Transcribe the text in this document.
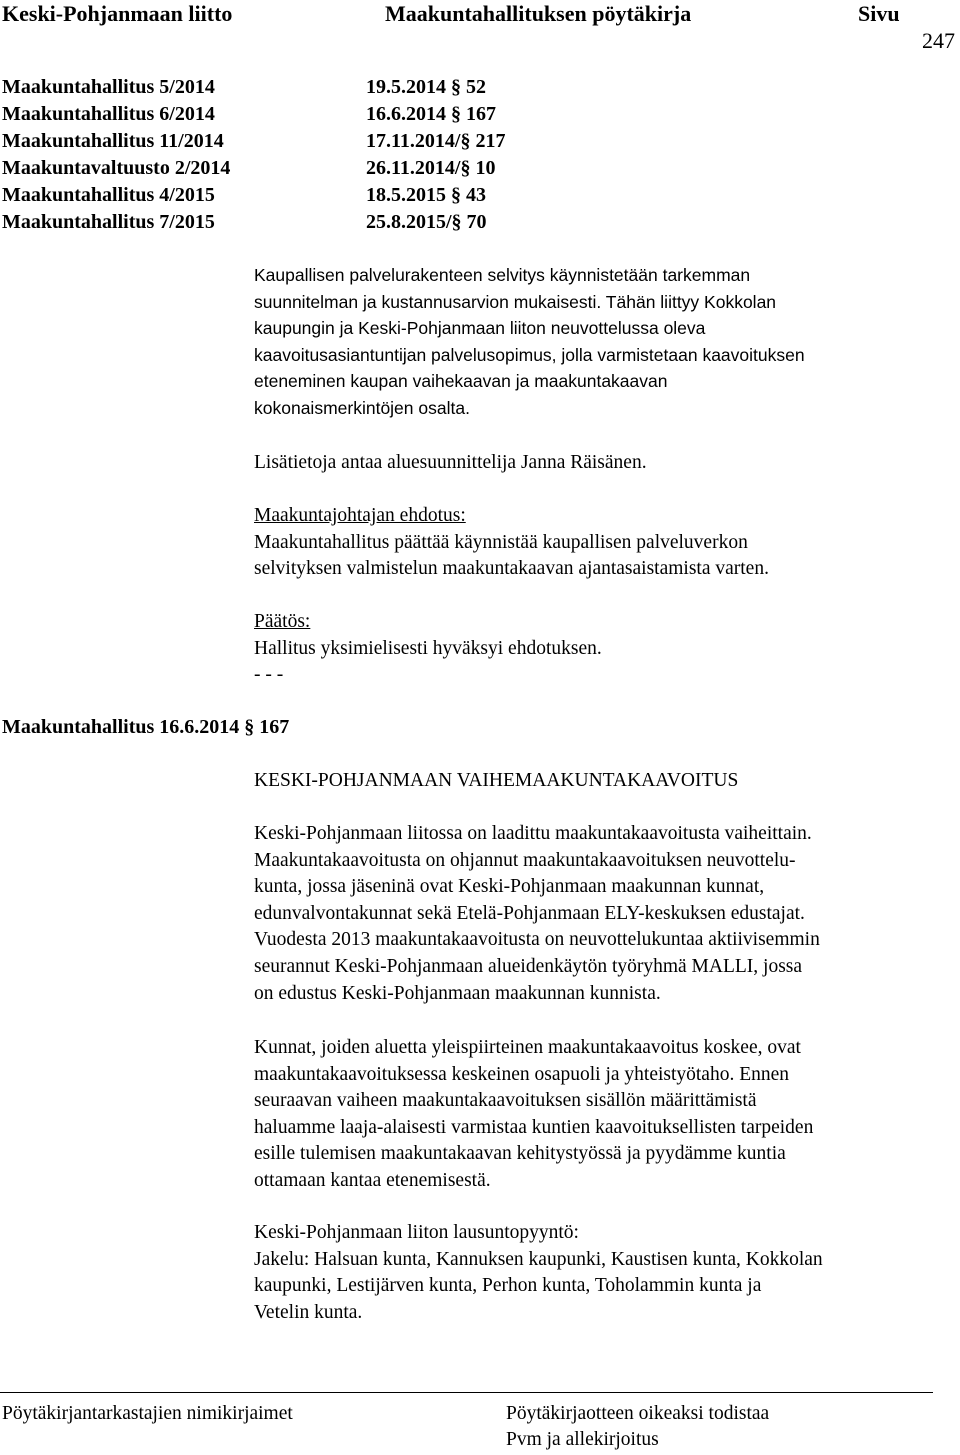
Keski-Pohjanmaan liitto	Maakuntahallituksen pöytäkirja	Sivu
247
Maakuntahallitus 5/2014	19.5.2014 § 52
Maakuntahallitus 6/2014	16.6.2014 § 167
Maakuntahallitus 11/2014	17.11.2014/§ 217
Maakuntavaltuusto 2/2014	26.11.2014/§ 10
Maakuntahallitus 4/2015	18.5.2015 § 43
Maakuntahallitus 7/2015	25.8.2015/§ 70
Kaupallisen palvelurakenteen selvitys käynnistetään tarkemman
suunnitelman ja kustannusarvion mukaisesti. Tähän liittyy Kokkolan
kaupungin ja Keski-Pohjanmaan liiton neuvottelussa oleva
kaavoitusasiantuntijan palvelusopimus, jolla varmistetaan kaavoituksen
eteneminen kaupan vaihekaavan ja maakuntakaavan
kokonaismerkintöjen osalta.
Lisätietoja antaa aluesuunnittelija Janna Räisänen.
Maakuntajohtajan ehdotus:
Maakuntahallitus päättää käynnistää kaupallisen palveluverkon
selvityksen valmistelun maakuntakaavan ajantasaistamista varten.
Päätös:
Hallitus yksimielisesti hyväksyi ehdotuksen.
- - -
Maakuntahallitus 16.6.2014 § 167
KESKI-POHJANMAAN VAIHEMAAKUNTAKAAVOITUS
Keski-Pohjanmaan liitossa on laadittu maakuntakaavoitusta vaiheittain.
Maakuntakaavoitusta on ohjannut maakuntakaavoituksen neuvottelu-
kunta, jossa jäseninä ovat Keski-Pohjanmaan maakunnan kunnat,
edunvalvontakunnat sekä Etelä-Pohjanmaan ELY-keskuksen edustajat.
Vuodesta 2013 maakuntakaavoitusta on neuvottelukuntaa aktiivisemmin
seurannut Keski-Pohjanmaan alueidenkäytön työryhmä MALLI, jossa
on edustus Keski-Pohjanmaan maakunnan kunnista.
Kunnat, joiden aluetta yleispiirteinen maakuntakaavoitus koskee, ovat
maakuntakaavoituksessa keskeinen osapuoli ja yhteistyötaho. Ennen
seuraavan vaiheen maakuntakaavoituksen sisällön määrittämistä
haluamme laaja-alaisesti varmistaa kuntien kaavoituksellisten tarpeiden
esille tulemisen maakuntakaavan kehitystyössä ja pyydämme kuntia
ottamaan kantaa etenemisestä.
Keski-Pohjanmaan liiton lausuntopyyntö:
Jakelu: Halsuan kunta, Kannuksen kaupunki, Kaustisen kunta, Kokkolan
kaupunki, Lestijärven kunta, Perhon kunta, Toholammin kunta ja
Vetelin kunta.
Pöytäkirjantarkastajien nimikirjaimet	Pöytäkirjaotteen oikeaksi todistaa
Pvm ja allekirjoitus
